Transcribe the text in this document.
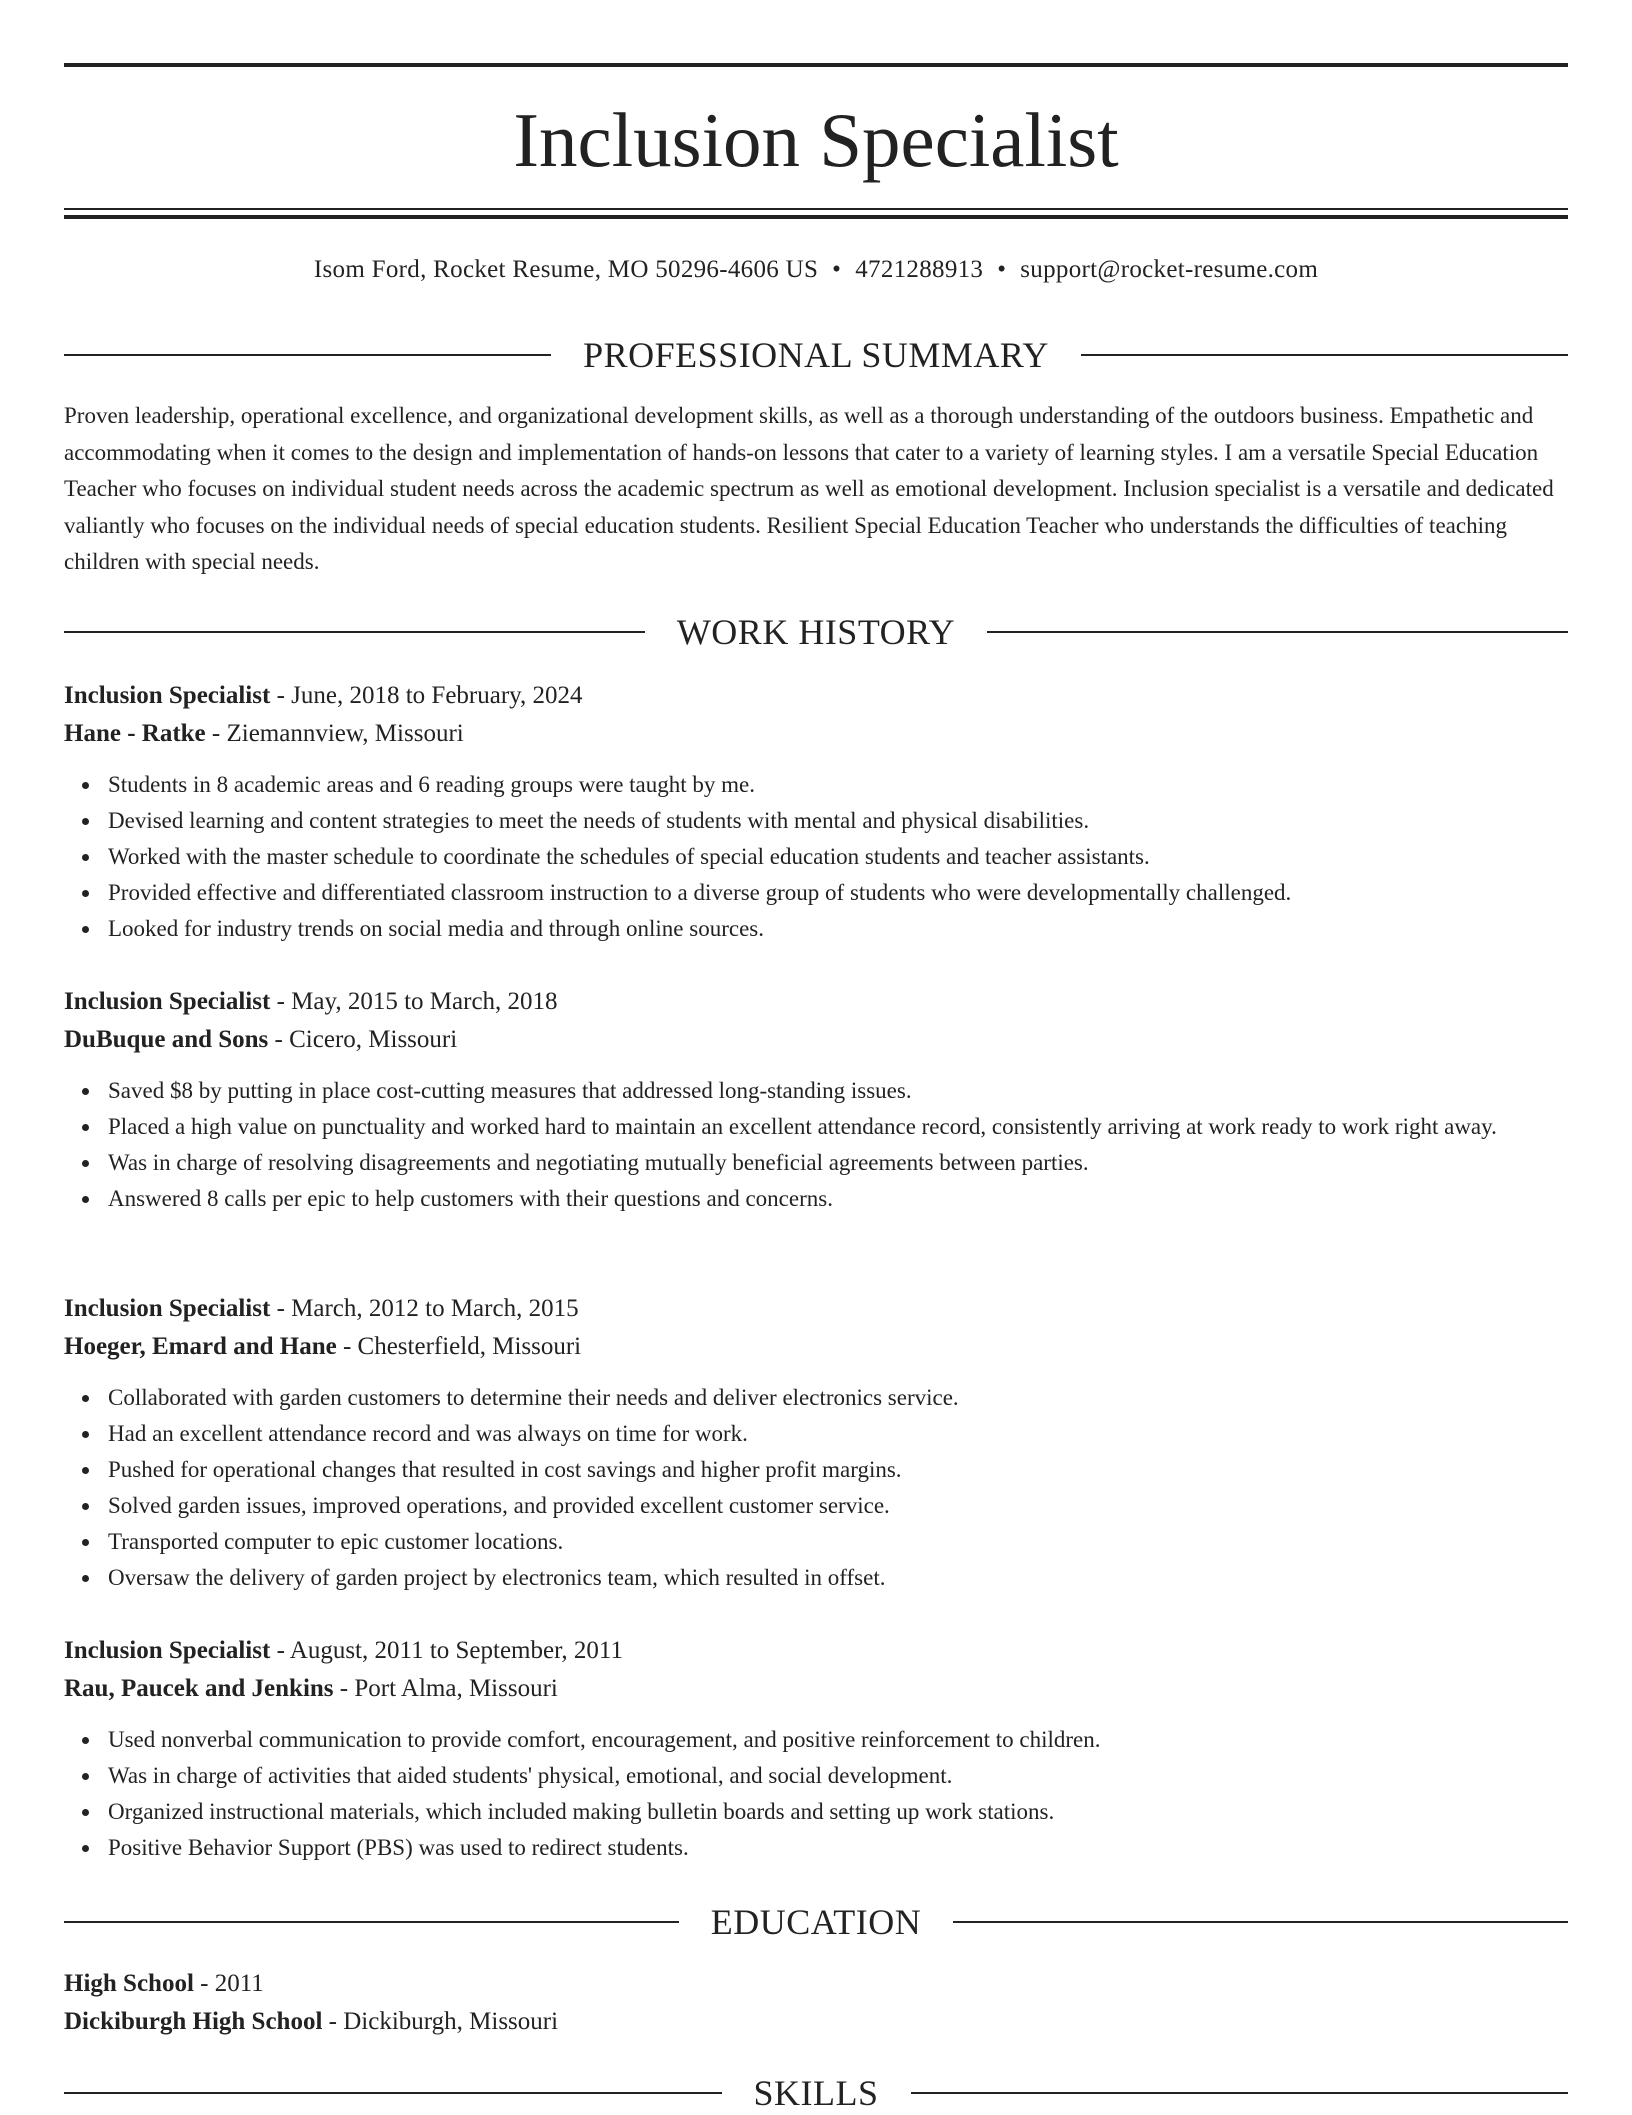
Inclusion Specialist
Isom Ford, Rocket Resume, MO 50296-4606 US • 4721288913 • support@rocket-resume.com
PROFESSIONAL SUMMARY

Proven leadership, operational excellence, and organizational development skills, as well as a thorough understanding of the outdoors business. Empathetic and accommodating when it comes to the design and implementation of hands-on lessons that cater to a variety of learning styles. I am a versatile Special Education Teacher who focuses on individual student needs across the academic spectrum as well as emotional development. Inclusion specialist is a versatile and dedicated valiantly who focuses on the individual needs of special education students. Resilient Special Education Teacher who understands the difficulties of teaching children with special needs.

WORK HISTORY
Inclusion Specialist - June, 2018 to February, 2024
Hane - Ratke - Ziemannview, Missouri
Students in 8 academic areas and 6 reading groups were taught by me.
Devised learning and content strategies to meet the needs of students with mental and physical disabilities.
Worked with the master schedule to coordinate the schedules of special education students and teacher assistants.
Provided effective and differentiated classroom instruction to a diverse group of students who were developmentally challenged.
Looked for industry trends on social media and through online sources.
Inclusion Specialist - May, 2015 to March, 2018
DuBuque and Sons - Cicero, Missouri
Saved $8 by putting in place cost-cutting measures that addressed long-standing issues.
Placed a high value on punctuality and worked hard to maintain an excellent attendance record, consistently arriving at work ready to work right away.
Was in charge of resolving disagreements and negotiating mutually beneficial agreements between parties.
Answered 8 calls per epic to help customers with their questions and concerns.
Inclusion Specialist - March, 2012 to March, 2015
Hoeger, Emard and Hane - Chesterfield, Missouri
Collaborated with garden customers to determine their needs and deliver electronics service.
Had an excellent attendance record and was always on time for work.
Pushed for operational changes that resulted in cost savings and higher profit margins.
Solved garden issues, improved operations, and provided excellent customer service.
Transported computer to epic customer locations.
Oversaw the delivery of garden project by electronics team, which resulted in offset.
Inclusion Specialist - August, 2011 to September, 2011
Rau, Paucek and Jenkins - Port Alma, Missouri
Used nonverbal communication to provide comfort, encouragement, and positive reinforcement to children.
Was in charge of activities that aided students' physical, emotional, and social development.
Organized instructional materials, which included making bulletin boards and setting up work stations.
Positive Behavior Support (PBS) was used to redirect students.
EDUCATION
High School - 2011
Dickiburgh High School - Dickiburgh, Missouri
SKILLS
